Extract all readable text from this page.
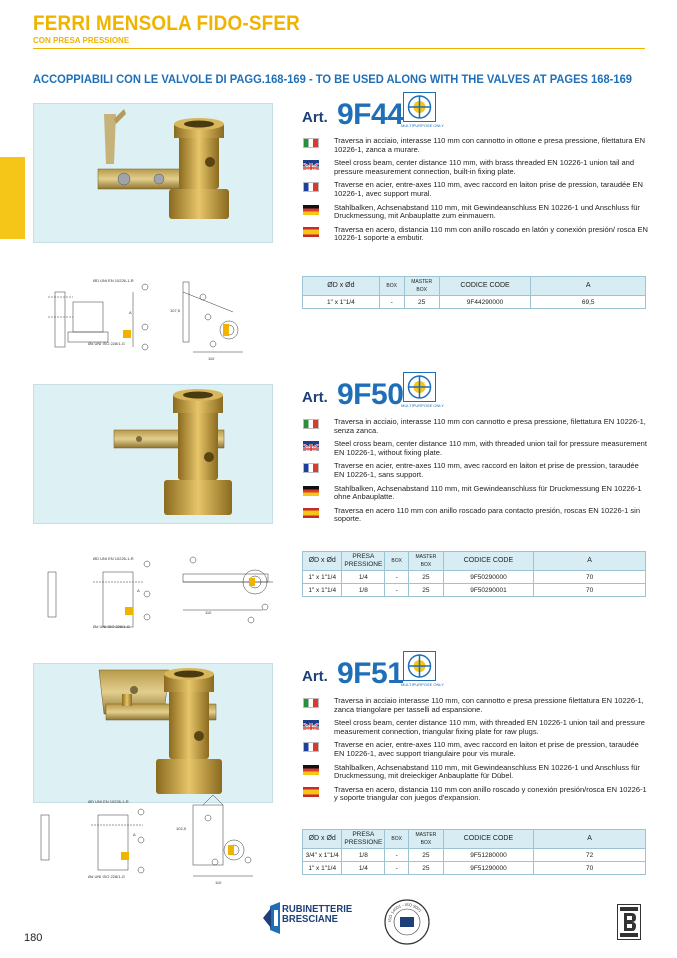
FERRI MENSOLA FIDO-SFER
CON PRESA PRESSIONE
ACCOPPIABILI CON LE VALVOLE DI PAGG.168-169 - TO BE USED ALONG WITH THE VALVES AT PAGES 168-169
ØD UNI EN 10226-1-R
Ød UNI ISO 228/1-G
107,5
110
A
Art. 9F44
MULTIPURPOSE ONLY
Traversa in acciaio, interasse 110 mm con cannotto in ottone e presa pressione, filettatura EN 10226-1, zanca a murare.
Steel cross beam, center distance 110 mm, with brass threaded EN 10226-1 union tail and pressure measurement connection, built-in fixing plate.
Traverse en acier, entre-axes 110 mm, avec raccord en laiton prise de pression, taraudée EN 10226-1, avec support mural.
Stahlbalken, Achsenabstand 110 mm, mit Gewindeanschluss EN 10226-1 und Anschluss für Druckmessung, mit Anbauplatte zum einmauern.
Traversa en acero, distancia 110 mm con anillo roscado en latón y conexión presión/ rosca EN 10226-1 soporte a embutir.
ØD x Ød	BOX	MASTER BOX	CODICE CODE	A
1" x 1"1/4	-	25	9F44290000	69,5
ØD UNI EN 10226-1-R
Ød UNI ISO 228/1-G
110
A
Art. 9F50
MULTIPURPOSE ONLY
Traversa in acciaio, interasse 110 mm con cannotto e presa pressione, filettatura EN 10226-1, senza zanca.
Steel cross beam, center distance 110 mm, with threaded union tail for pressure measurement EN 10226-1, without fixing plate.
Traverse en acier, entre-axes 110 mm, avec raccord en laiton et prise de pression, taraudée EN 10226-1, sans support.
Stahlbalken, Achsenabstand 110 mm, mit Gewindeanschluss für Druckmessung EN 10226-1 ohne Anbauplatte.
Traversa en acero 110 mm con anillo roscado para contacto presión, roscas EN 10226-1 sin soporte.
ØD x Ød	PRESA PRESSIONE	BOX	MASTER BOX	CODICE CODE	A
1" x 1"1/4	1/4	-	25	9F50290000	70
1" x 1"1/4	1/8	-	25	9F50290001	70
ØD UNI EN 10226-1-R
Ød UNI ISO 228/1-G
102,5
110
A
Art. 9F51
MULTIPURPOSE ONLY
Traversa in acciaio interasse 110 mm, con cannotto e presa pressione filettatura EN 10226-1, zanca triangolare per tasselli ad espansione.
Steel cross beam, center distance 110 mm, with threaded EN 10226-1 union tail and pressure measurement connection, triangular fixing plate for raw plugs.
Traverse en acier, entre-axes 110 mm, avec raccord en laiton et prise de pression, taraudée EN 10226-1, avec support triangulaire pour vis murale.
Stahlbalken, Achsenabstand 110 mm, mit Gewindeanschluss EN 10226-1 und Anschluss für Druckmessung, mit dreieckiger Anbauplatte für Dübel.
Traversa en acero, distancia 110 mm con anillo roscado y conexión presión/rosca EN 10226-1 y soporte triangular con juegos d'expansion.
ØD x Ød	PRESA PRESSIONE	BOX	MASTER BOX	CODICE CODE	A
3/4" x 1"1/4	1/8	-	25	9F51280000	72
1" x 1"1/4	1/4	-	25	9F51290000	70
RUBINETTERIE
BRESCIANE	ISO 14001 - ISO 9001
180
